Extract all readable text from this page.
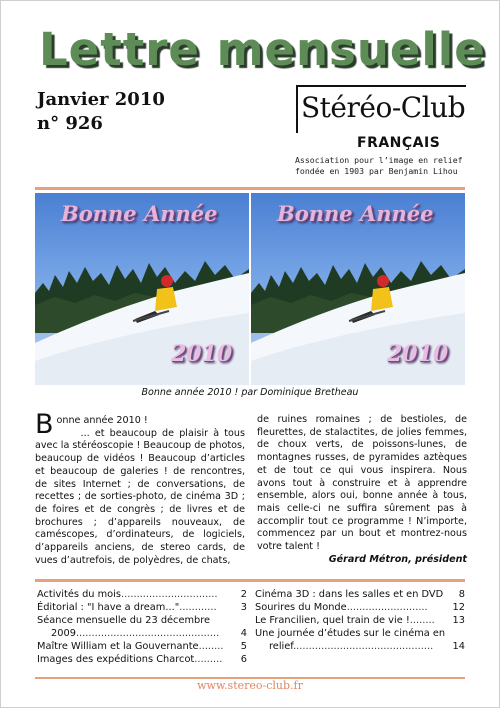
Lettre mensuelle
Janvier 2010
n° 926	Stéréo-Club
FRANÇAIS
Association pour l’image en relief fondée en 1903 par Benjamin Lihou
Bonne Année
2010
Bonne Année
2010
Bonne année 2010 ! par Dominique Bretheau

B onne année 2010 !

... et beaucoup de plaisir à tous avec la stéréoscopie ! Beaucoup de photos, beaucoup de vidéos ! Beaucoup d’articles et beaucoup de galeries ! de rencontres, de sites Internet ; de conversations, de recettes ; de sorties-photo, de cinéma 3D ; de foires et de congrès ; de livres et de brochures ; d’appareils nouveaux, de caméscopes, d’ordinateurs, de logiciels, d’appareils anciens, de stereo cards, de vues d’autrefois, de polyèdres, de chats,

de ruines romaines ; de bestioles, de fleurettes, de stalactites, de jolies femmes, de choux verts, de poissons-lunes, de montagnes russes, de pyramides aztèques et de tout ce qui vous inspirera. Nous avons tout à construire et à apprendre ensemble, alors oui, bonne année à tous, mais celle-ci ne suffira sûrement pas à accomplir tout ce programme ! N’importe, commencez par un bout et montrez-nous votre talent !

Gérard Métron, président

2
Activités du mois...............................
3
Éditorial : "I have a dream..."............
Séance mensuelle du 23 décembre
4
2009..............................................
5
Maître William et la Gouvernante........
6
Images des expéditions Charcot.........
8
Cinéma 3D : dans les salles et en DVD
12
Sourires du Monde..........................
13
Le Francilien, quel train de vie !........
Une journée d’études sur le cinéma en
14
relief.............................................
www.stereo-club.fr
